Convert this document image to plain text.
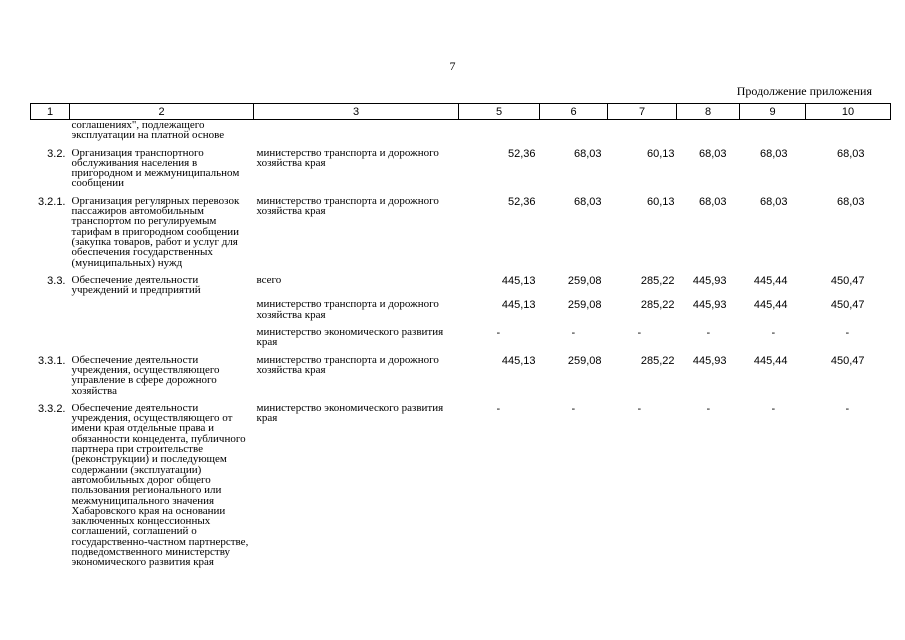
7
Продолжение приложения
1	2	3	5	6	7	8	9	10
	соглашениях", подлежащего эксплуатации на платной основе							
3.2.	Организация транспортного обслуживания населения в пригородном и межмуниципальном сообщении	министерство транспорта и дорожного хозяйства края	52,36	68,03	60,13	68,03	68,03	68,03
3.2.1.	Организация регулярных перевозок пассажиров автомобильным транспортом по регулируемым тарифам в пригородном сообщении (закупка товаров, работ и услуг для обеспечения государственных (муниципальных) нужд	министерство транспорта и дорожного хозяйства края	52,36	68,03	60,13	68,03	68,03	68,03
3.3.	Обеспечение деятельности учреждений и предприятий	всего	445,13	259,08	285,22	445,93	445,44	450,47
		министерство транспорта и дорожного хозяйства края	445,13	259,08	285,22	445,93	445,44	450,47
		министерство экономического развития края	-	-	-	-	-	-
3.3.1.	Обеспечение деятельности учреждения, осуществляющего управление в сфере дорожного хозяйства	министерство транспорта и дорожного хозяйства края	445,13	259,08	285,22	445,93	445,44	450,47
3.3.2.	Обеспечение деятельности учреждения, осуществляющего от имени края отдельные права и обязанности концедента, публичного партнера при строительстве (реконструкции) и последующем содержании (эксплуатации) автомобильных дорог общего пользования регионального или межмуниципального значения Хабаровского края на основании заключенных концессионных соглашений, соглашений о государственно-частном партнерстве, подведомственного министерству экономического развития края	министерство экономического развития края	-	-	-	-	-	-
